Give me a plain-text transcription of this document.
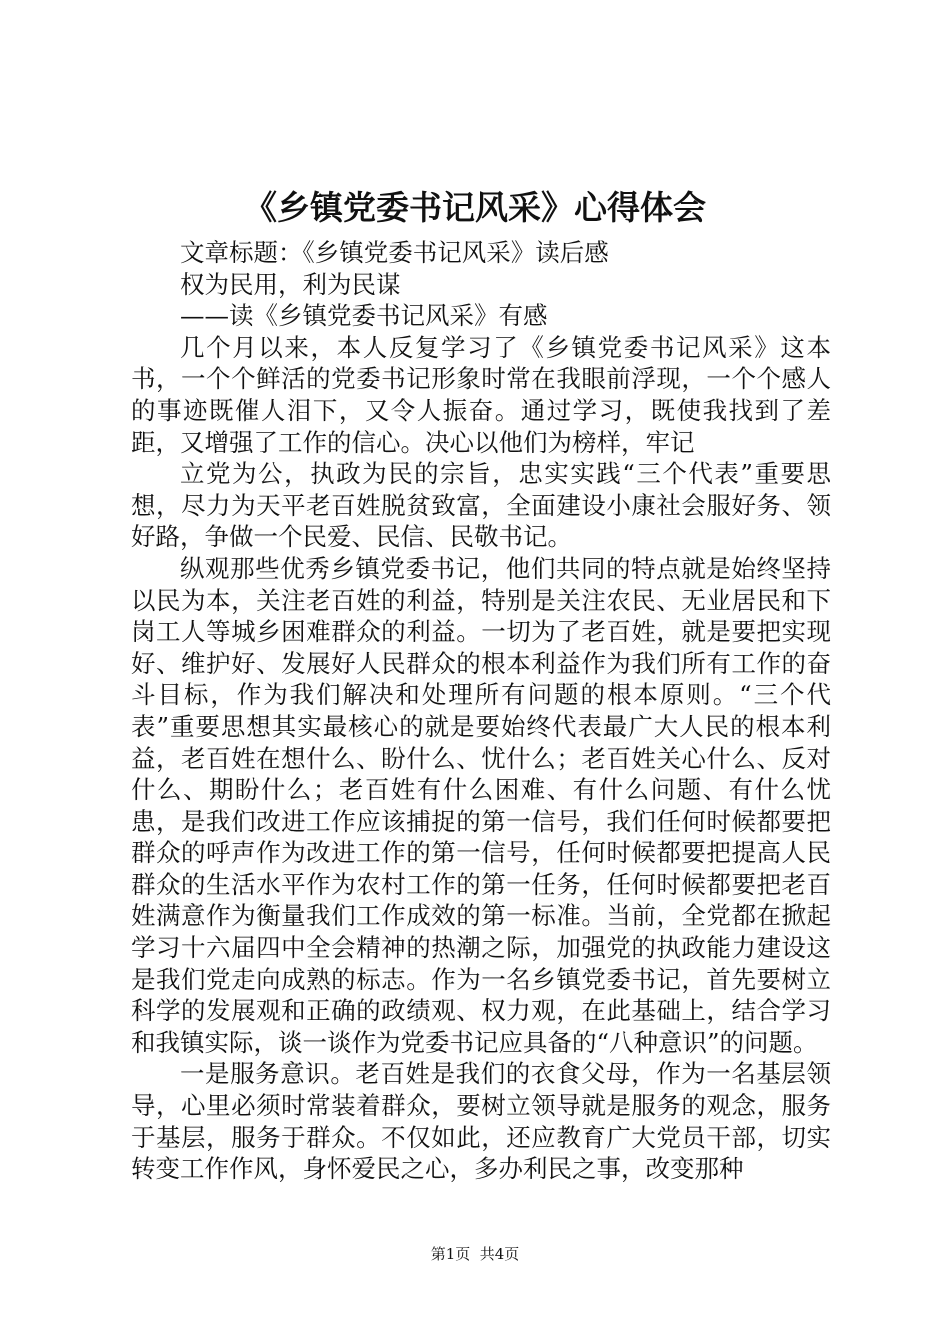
《乡镇党委书记风采》心得体会

文章标题：《乡镇党委书记风采》读后感

权为民用，利为民谋

——读《乡镇党委书记风采》有感

几个月以来，本人反复学习了《乡镇党委书记风采》这本书，一个个鲜活的党委书记形象时常在我眼前浮现，一个个感人的事迹既催人泪下，又令人振奋。通过学习，既使我找到了差距，又增强了工作的信心。决心以他们为榜样，牢记

立党为公，执政为民的宗旨，忠实实践“三个代表”重要思想，尽力为天平老百姓脱贫致富，全面建设小康社会服好务、领好路，争做一个民爱、民信、民敬书记。

纵观那些优秀乡镇党委书记，他们共同的特点就是始终坚持以民为本，关注老百姓的利益，特别是关注农民、无业居民和下岗工人等城乡困难群众的利益。一切为了老百姓，就是要把实现好、维护好、发展好人民群众的根本利益作为我们所有工作的奋斗目标，作为我们解决和处理所有问题的根本原则。“三个代表”重要思想其实最核心的就是要始终代表最广大人民的根本利益，老百姓在想什么、盼什么、忧什么；老百姓关心什么、反对什么、期盼什么；老百姓有什么困难、有什么问题、有什么忧患，是我们改进工作应该捕捉的第一信号，我们任何时候都要把群众的呼声作为改进工作的第一信号，任何时候都要把提高人民群众的生活水平作为农村工作的第一任务，任何时候都要把老百姓满意作为衡量我们工作成效的第一标准。当前，全党都在掀起学习十六届四中全会精神的热潮之际，加强党的执政能力建设这是我们党走向成熟的标志。作为一名乡镇党委书记，首先要树立科学的发展观和正确的政绩观、权力观，在此基础上，结合学习和我镇实际，谈一谈作为党委书记应具备的“八种意识”的问题。

一是服务意识。老百姓是我们的衣食父母，作为一名基层领导，心里必须时常装着群众，要树立领导就是服务的观念，服务于基层，服务于群众。不仅如此，还应教育广大党员干部，切实转变工作作风，身怀爱民之心，多办利民之事，改变那种

第1页  共4页
